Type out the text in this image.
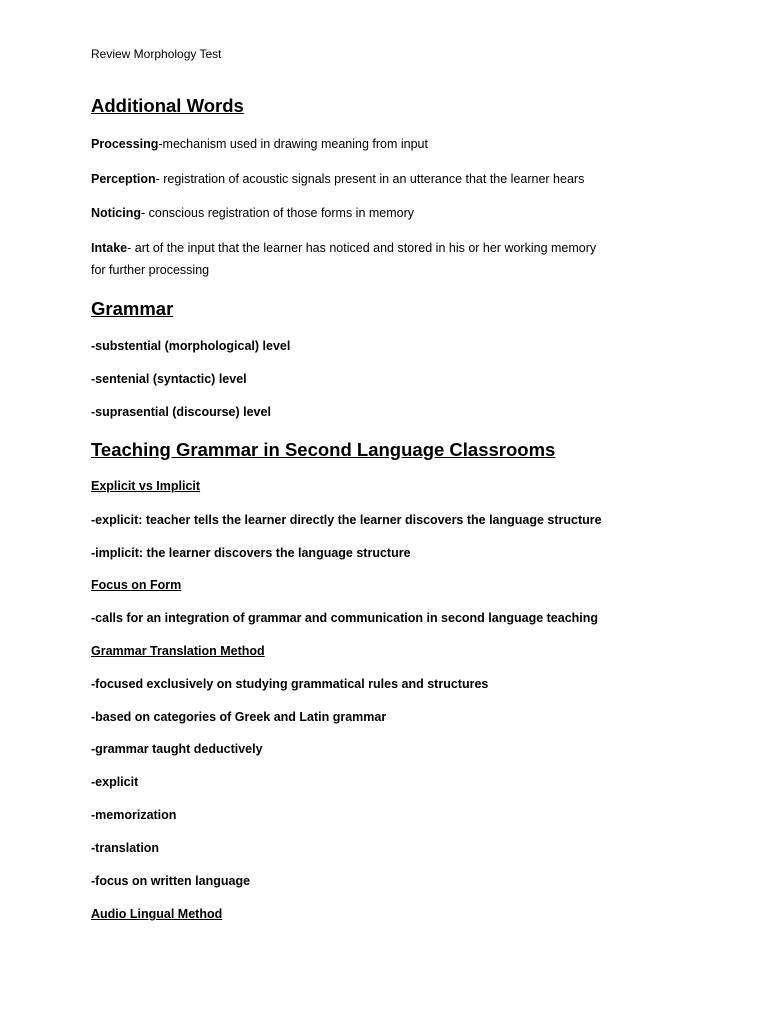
Review Morphology Test
Additional Words
Processing-mechanism used in drawing meaning from input
Perception- registration of acoustic signals present in an utterance that the learner hears
Noticing- conscious registration of those forms in memory
Intake- art of the input that the learner has noticed and stored in his or her working memory
for further processing
Grammar
-substential (morphological) level
-sentenial (syntactic) level
-suprasential (discourse) level
Teaching Grammar in Second Language Classrooms
Explicit vs Implicit
-explicit: teacher tells the learner directly the learner discovers the language structure
-implicit: the learner discovers the language structure
Focus on Form
-calls for an integration of grammar and communication in second language teaching
Grammar Translation Method
-focused exclusively on studying grammatical rules and structures
-based on categories of Greek and Latin grammar
-grammar taught deductively
-explicit
-memorization
-translation
-focus on written language
Audio Lingual Method
